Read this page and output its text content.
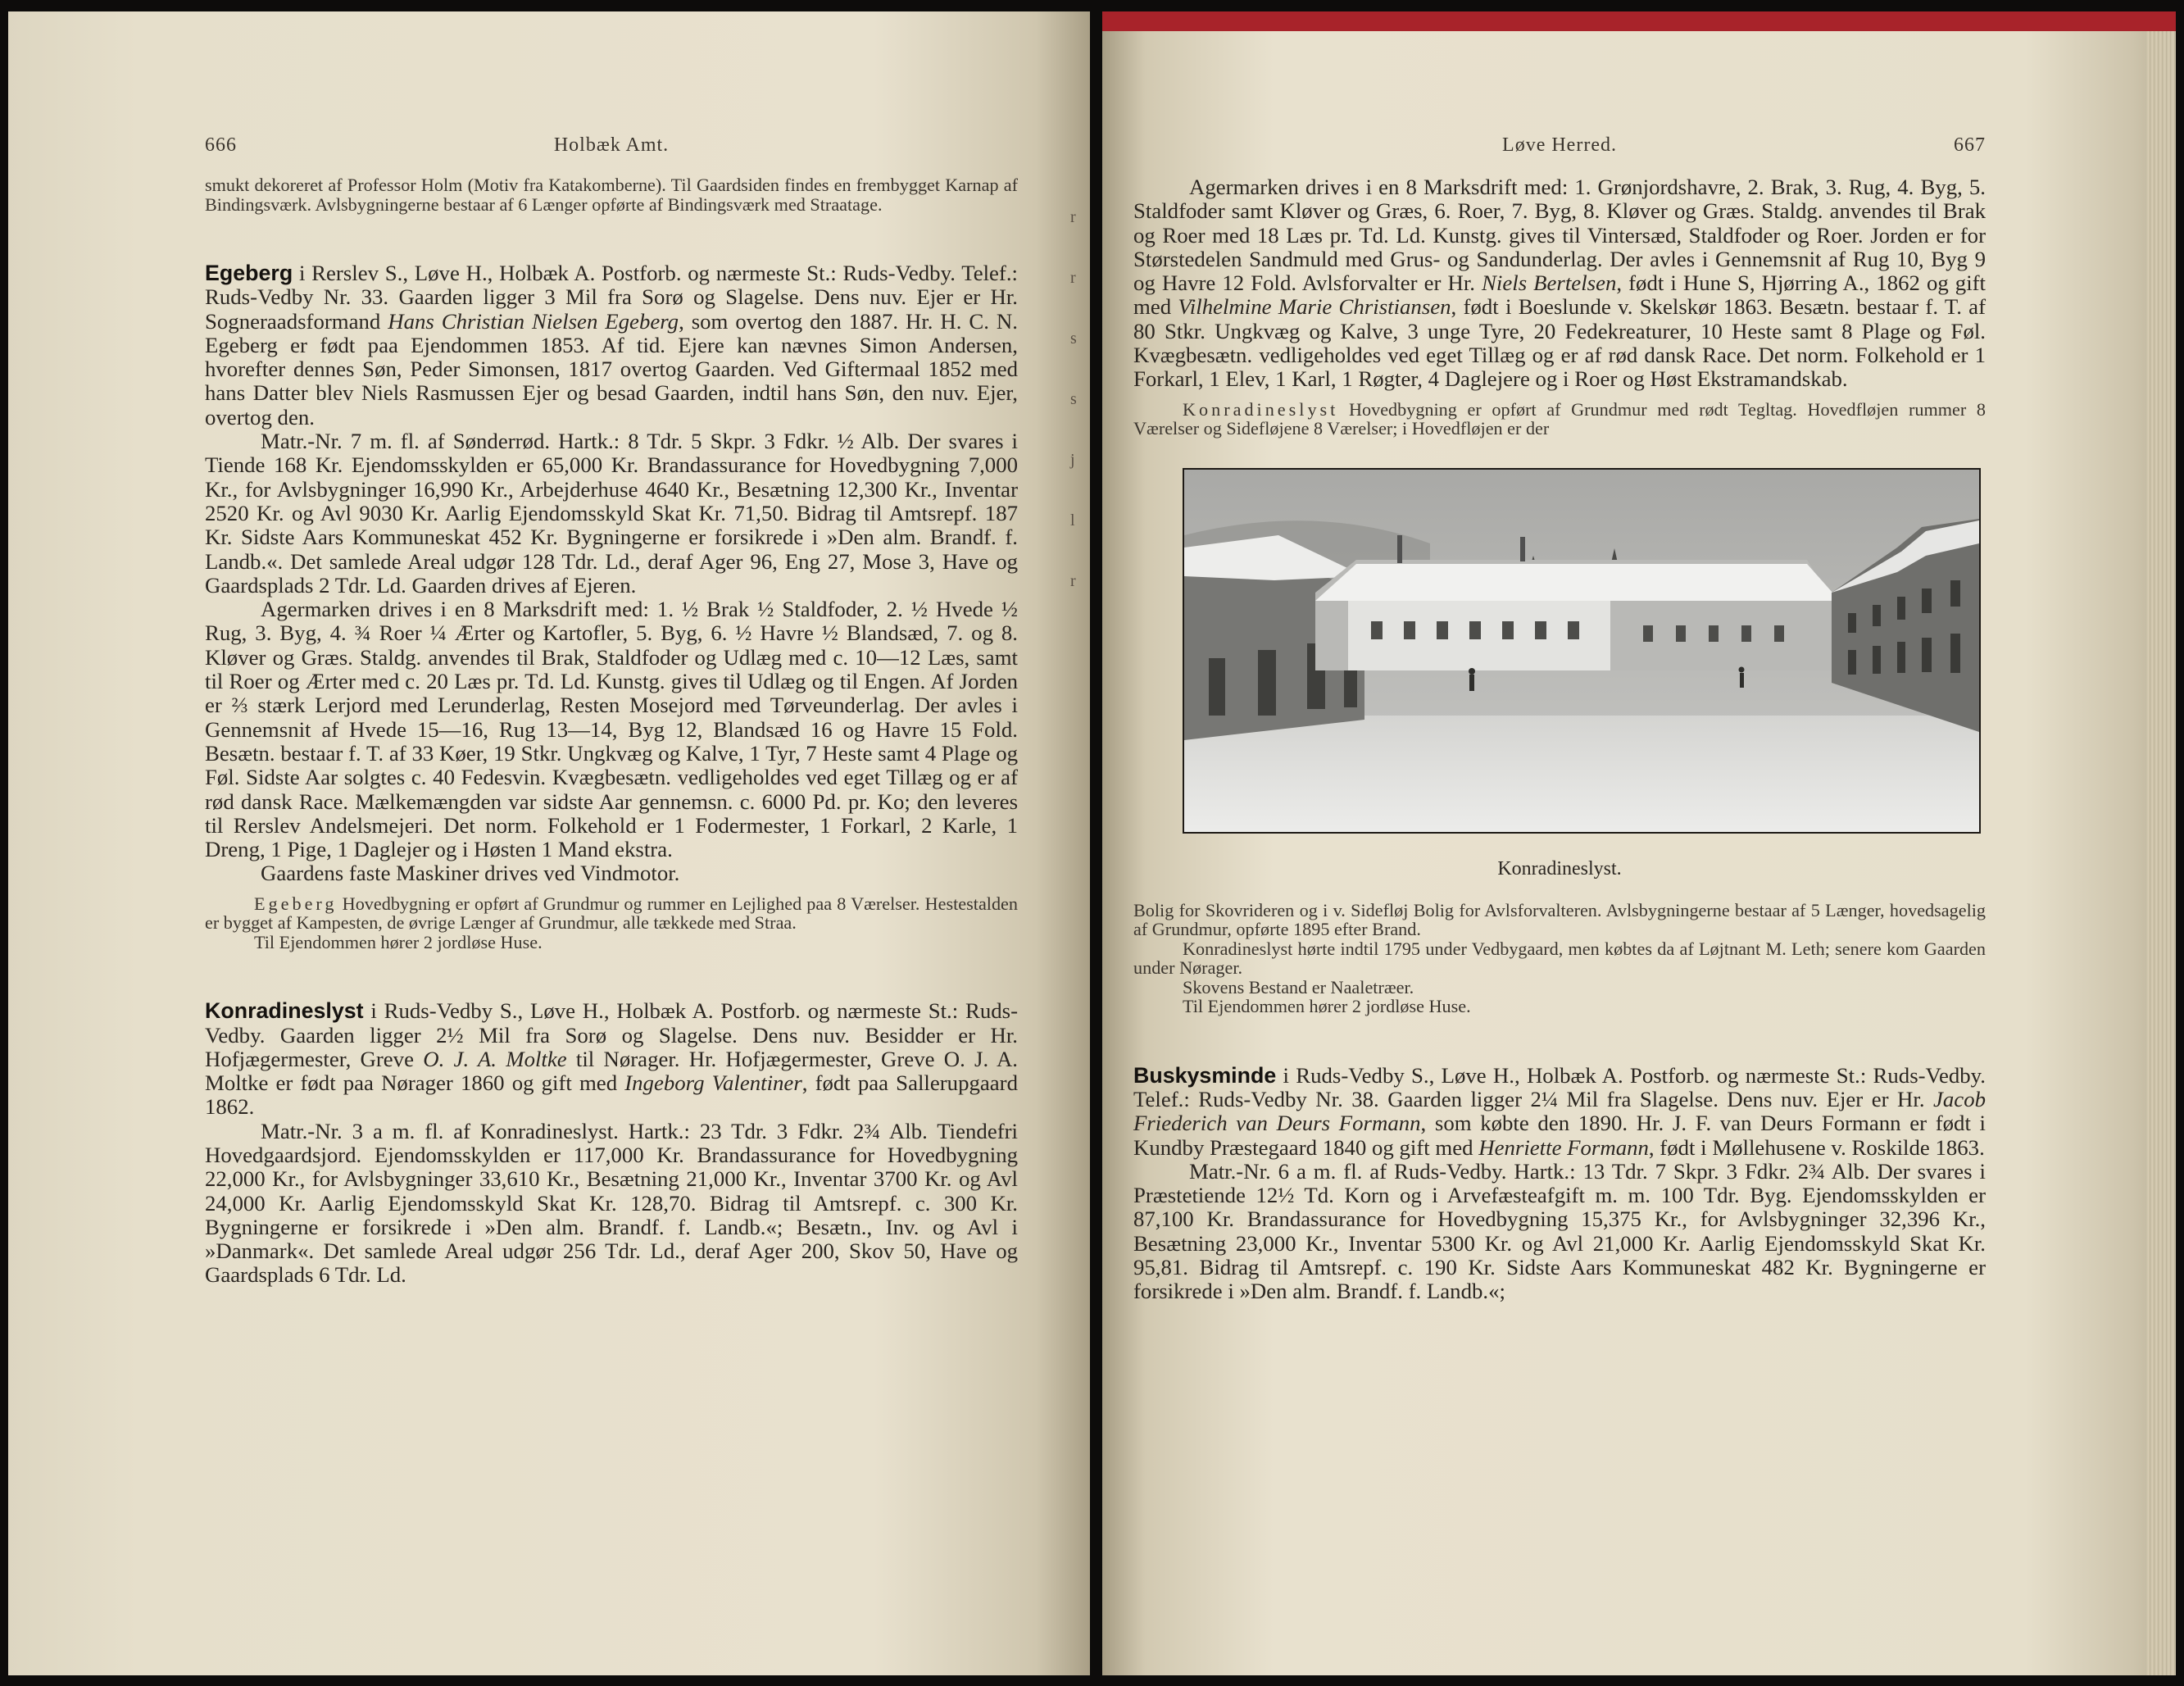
666	Holbæk Amt.

smukt dekoreret af Professor Holm (Motiv fra Katakomberne). Til Gaardsiden findes en frembygget Karnap af Bindingsværk. Avlsbygningerne bestaar af 6 Længer opførte af Bindingsværk med Straatage.

Egeberg i Rerslev S., Løve H., Holbæk A. Postforb. og nærmeste St.: Ruds-Vedby. Telef.: Ruds-Vedby Nr. 33. Gaarden ligger 3 Mil fra Sorø og Slagelse. Dens nuv. Ejer er Hr. Sogneraadsformand Hans Christian Nielsen Egeberg, som overtog den 1887. Hr. H. C. N. Egeberg er født paa Ejendommen 1853. Af tid. Ejere kan nævnes Simon Andersen, hvorefter dennes Søn, Peder Simonsen, 1817 overtog Gaarden. Ved Giftermaal 1852 med hans Datter blev Niels Rasmussen Ejer og besad Gaarden, indtil hans Søn, den nuv. Ejer, overtog den.

Matr.-Nr. 7 m. fl. af Sønderrød. Hartk.: 8 Tdr. 5 Skpr. 3 Fdkr. ½ Alb. Der svares i Tiende 168 Kr. Ejendomsskylden er 65,000 Kr. Brandassurance for Hovedbygning 7,000 Kr., for Avlsbygninger 16,990 Kr., Arbejderhuse 4640 Kr., Besætning 12,300 Kr., Inventar 2520 Kr. og Avl 9030 Kr. Aarlig Ejendomsskyld Skat Kr. 71,50. Bidrag til Amtsrepf. 187 Kr. Sidste Aars Kommuneskat 452 Kr. Bygningerne er forsikrede i »Den alm. Brandf. f. Landb.«. Det samlede Areal udgør 128 Tdr. Ld., deraf Ager 96, Eng 27, Mose 3, Have og Gaardsplads 2 Tdr. Ld. Gaarden drives af Ejeren.

Agermarken drives i en 8 Marksdrift med: 1. ½ Brak ½ Staldfoder, 2. ½ Hvede ½ Rug, 3. Byg, 4. ¾ Roer ¼ Ærter og Kartofler, 5. Byg, 6. ½ Havre ½ Blandsæd, 7. og 8. Kløver og Græs. Staldg. anvendes til Brak, Staldfoder og Udlæg med c. 10—12 Læs, samt til Roer og Ærter med c. 20 Læs pr. Td. Ld. Kunstg. gives til Udlæg og til Engen. Af Jorden er ⅔ stærk Lerjord med Lerunderlag, Resten Mosejord med Tørveunderlag. Der avles i Gennemsnit af Hvede 15—16, Rug 13—14, Byg 12, Blandsæd 16 og Havre 15 Fold. Besætn. bestaar f. T. af 33 Køer, 19 Stkr. Ungkvæg og Kalve, 1 Tyr, 7 Heste samt 4 Plage og Føl. Sidste Aar solgtes c. 40 Fedesvin. Kvægbesætn. vedligeholdes ved eget Tillæg og er af rød dansk Race. Mælkemængden var sidste Aar gennemsn. c. 6000 Pd. pr. Ko; den leveres til Rerslev Andelsmejeri. Det norm. Folkehold er 1 Fodermester, 1 Forkarl, 2 Karle, 1 Dreng, 1 Pige, 1 Daglejer og i Høsten 1 Mand ekstra.

Gaardens faste Maskiner drives ved Vindmotor.

Egeberg Hovedbygning er opført af Grundmur og rummer en Lejlighed paa 8 Værelser. Hestestalden er bygget af Kampesten, de øvrige Længer af Grundmur, alle tækkede med Straa.

Til Ejendommen hører 2 jordløse Huse.

Konradineslyst i Ruds-Vedby S., Løve H., Holbæk A. Postforb. og nærmeste St.: Ruds-Vedby. Gaarden ligger 2½ Mil fra Sorø og Slagelse. Dens nuv. Besidder er Hr. Hofjægermester, Greve O. J. A. Moltke til Nørager. Hr. Hofjægermester, Greve O. J. A. Moltke er født paa Nørager 1860 og gift med Ingeborg Valentiner, født paa Sallerupgaard 1862.

Matr.-Nr. 3 a m. fl. af Konradineslyst. Hartk.: 23 Tdr. 3 Fdkr. 2¾ Alb. Tiendefri Hovedgaardsjord. Ejendomsskylden er 117,000 Kr. Brandassurance for Hovedbygning 22,000 Kr., for Avlsbygninger 33,610 Kr., Besætning 21,000 Kr., Inventar 3700 Kr. og Avl 24,000 Kr. Aarlig Ejendomsskyld Skat Kr. 128,70. Bidrag til Amtsrepf. c. 300 Kr. Bygningerne er forsikrede i »Den alm. Brandf. f. Landb.«; Besætn., Inv. og Avl i »Danmark«. Det samlede Areal udgør 256 Tdr. Ld., deraf Ager 200, Skov 50, Have og Gaardsplads 6 Tdr. Ld.

r
r
s
s
j
l
r
Løve Herred.	667

Agermarken drives i en 8 Marksdrift med: 1. Grønjordshavre, 2. Brak, 3. Rug, 4. Byg, 5. Staldfoder samt Kløver og Græs, 6. Roer, 7. Byg, 8. Kløver og Græs. Staldg. anvendes til Brak og Roer med 18 Læs pr. Td. Ld. Kunstg. gives til Vintersæd, Staldfoder og Roer. Jorden er for Størstedelen Sandmuld med Grus- og Sandunderlag. Der avles i Gennemsnit af Rug 10, Byg 9 og Havre 12 Fold. Avlsforvalter er Hr. Niels Bertelsen, født i Hune S, Hjørring A., 1862 og gift med Vilhelmine Marie Christiansen, født i Boeslunde v. Skelskør 1863. Besætn. bestaar f. T. af 80 Stkr. Ungkvæg og Kalve, 3 unge Tyre, 20 Fedekreaturer, 10 Heste samt 8 Plage og Føl. Kvægbesætn. vedligeholdes ved eget Tillæg og er af rød dansk Race. Det norm. Folkehold er 1 Forkarl, 1 Elev, 1 Karl, 1 Røgter, 4 Daglejere og i Roer og Høst Ekstramandskab.

Konradineslyst Hovedbygning er opført af Grundmur med rødt Tegltag. Hovedfløjen rummer 8 Værelser og Sidefløjene 8 Værelser; i Hovedfløjen er der

Konradineslyst.

Bolig for Skovrideren og i v. Sidefløj Bolig for Avlsforvalteren. Avlsbygningerne bestaar af 5 Længer, hovedsagelig af Grundmur, opførte 1895 efter Brand.

Konradineslyst hørte indtil 1795 under Vedbygaard, men købtes da af Løjtnant M. Leth; senere kom Gaarden under Nørager.

Skovens Bestand er Naaletræer.

Til Ejendommen hører 2 jordløse Huse.

Buskysminde i Ruds-Vedby S., Løve H., Holbæk A. Postforb. og nærmeste St.: Ruds-Vedby. Telef.: Ruds-Vedby Nr. 38. Gaarden ligger 2¼ Mil fra Slagelse. Dens nuv. Ejer er Hr. Jacob Friederich van Deurs Formann, som købte den 1890. Hr. J. F. van Deurs Formann er født i Kundby Præstegaard 1840 og gift med Henriette Formann, født i Møllehusene v. Roskilde 1863.

Matr.-Nr. 6 a m. fl. af Ruds-Vedby. Hartk.: 13 Tdr. 7 Skpr. 3 Fdkr. 2¾ Alb. Der svares i Præstetiende 12½ Td. Korn og i Arvefæsteafgift m. m. 100 Tdr. Byg. Ejendomsskylden er 87,100 Kr. Brandassurance for Hovedbygning 15,375 Kr., for Avlsbygninger 32,396 Kr., Besætning 23,000 Kr., Inventar 5300 Kr. og Avl 21,000 Kr. Aarlig Ejendomsskyld Skat Kr. 95,81. Bidrag til Amtsrepf. c. 190 Kr. Sidste Aars Kommuneskat 482 Kr. Bygningerne er forsikrede i »Den alm. Brandf. f. Landb.«;
